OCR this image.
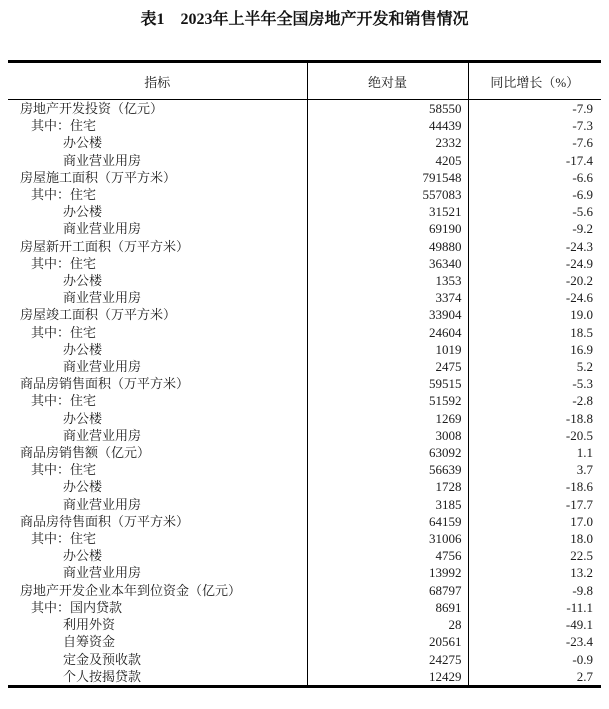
表1　2023年上半年全国房地产开发和销售情况
指标	绝对量	同比增长（%）
房地产开发投资（亿元）	58550	-7.9
其中：住宅	44439	-7.3
办公楼	2332	-7.6
商业营业用房	4205	-17.4
房屋施工面积（万平方米）	791548	-6.6
其中：住宅	557083	-6.9
办公楼	31521	-5.6
商业营业用房	69190	-9.2
房屋新开工面积（万平方米）	49880	-24.3
其中：住宅	36340	-24.9
办公楼	1353	-20.2
商业营业用房	3374	-24.6
房屋竣工面积（万平方米）	33904	19.0
其中：住宅	24604	18.5
办公楼	1019	16.9
商业营业用房	2475	5.2
商品房销售面积（万平方米）	59515	-5.3
其中：住宅	51592	-2.8
办公楼	1269	-18.8
商业营业用房	3008	-20.5
商品房销售额（亿元）	63092	1.1
其中：住宅	56639	3.7
办公楼	1728	-18.6
商业营业用房	3185	-17.7
商品房待售面积（万平方米）	64159	17.0
其中：住宅	31006	18.0
办公楼	4756	22.5
商业营业用房	13992	13.2
房地产开发企业本年到位资金（亿元）	68797	-9.8
其中：国内贷款	8691	-11.1
利用外资	28	-49.1
自筹资金	20561	-23.4
定金及预收款	24275	-0.9
个人按揭贷款	12429	2.7
